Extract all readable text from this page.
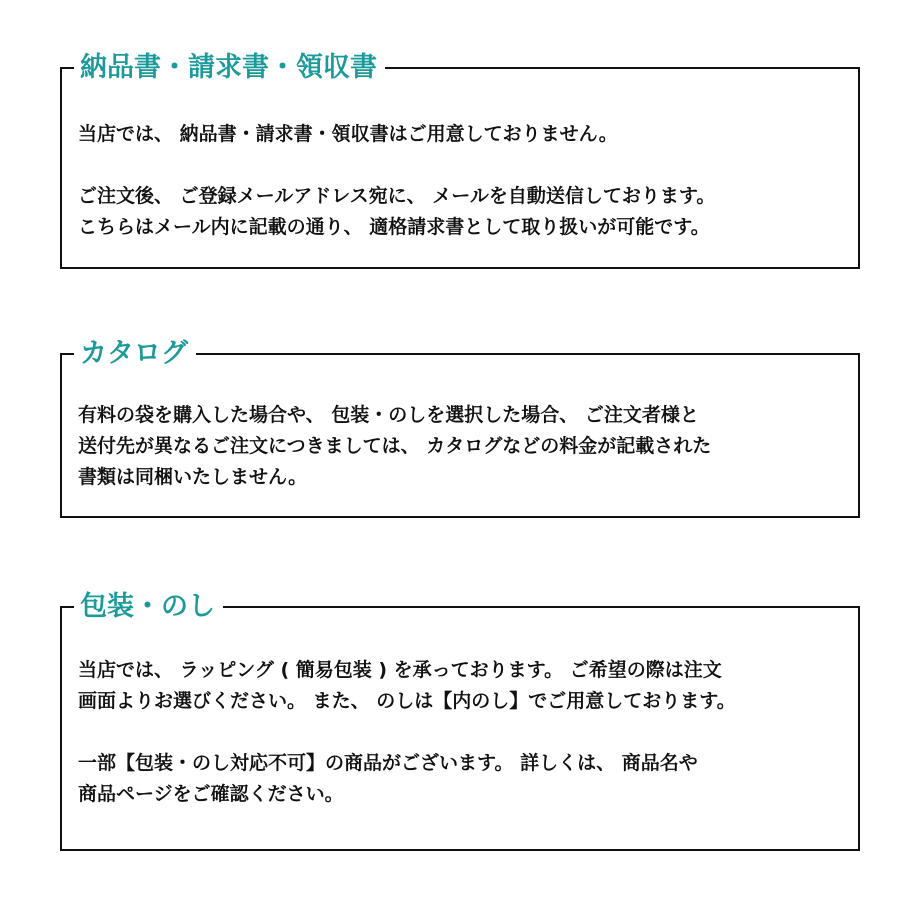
納品書・請求書・領収書

当店では、 納品書・請求書・領収書はご用意しておりません。

ご注文後、 ご登録メールアドレス宛に、 メールを自動送信しております。

こちらはメール内に記載の通り、 適格請求書として取り扱いが可能です。

カタログ

有料の袋を購入した場合や、 包装・のしを選択した場合、 ご注文者様と

送付先が異なるご注文につきましては、 カタログなどの料金が記載された

書類は同梱いたしません。

包装・のし

当店では、 ラッピング ( 簡易包装 ) を承っております。 ご希望の際は注文

画面よりお選びください。 また、 のしは【内のし】でご用意しております。

一部【包装・のし対応不可】の商品がございます。 詳しくは、 商品名や

商品ページをご確認ください。
